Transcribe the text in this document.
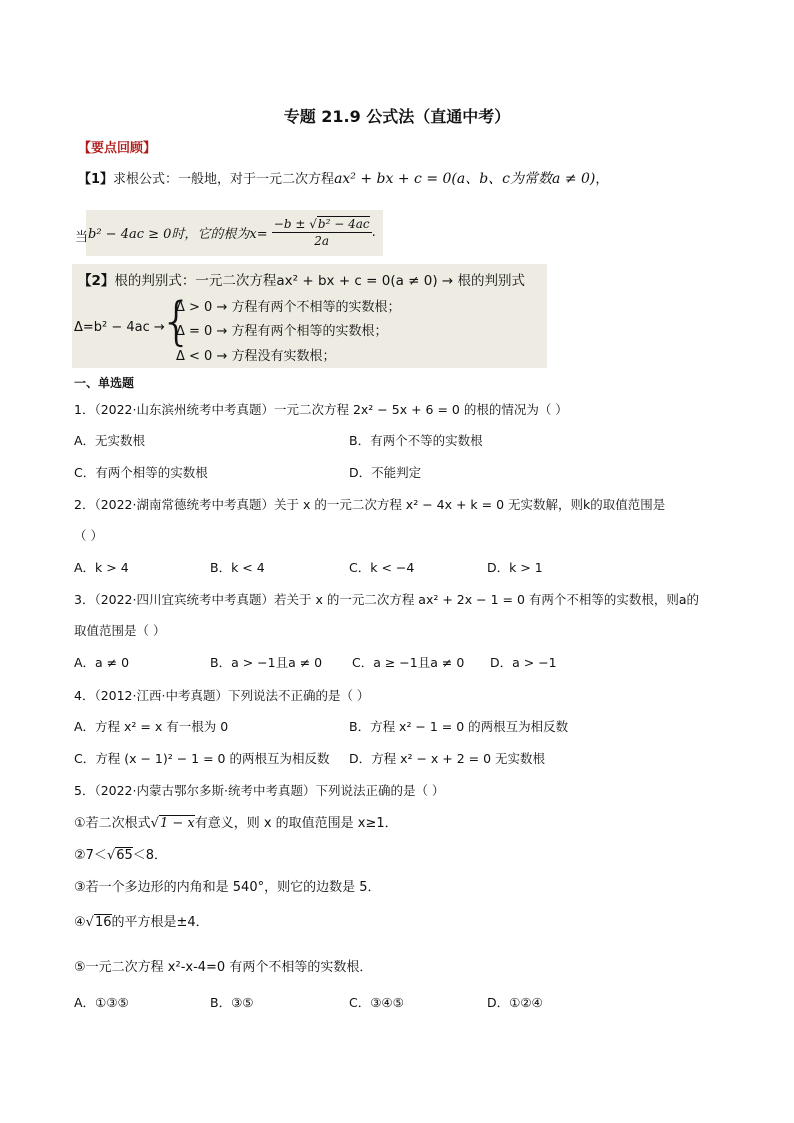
专题 21.9 公式法（直通中考）
【要点回顾】
【1】求根公式：一般地，对于一元二次方程ax² + bx + c = 0(a、b、c为常数a ≠ 0)，
当 b² − 4ac ≥ 0时，它的根为$x= \frac{\text{−b ± √b² − 4ac}}{2a}$ .
【2】根的判别式：一元二次方程ax² + bx + c = 0(a ≠ 0) → 根的判别式
Δ=b² − 4ac →
{
Δ > 0 → 方程有两个不相等的实数根；
Δ = 0 → 方程有两个相等的实数根；
Δ < 0 → 方程没有实数根；
一、单选题
1．（2022·山东滨州统考中考真题）一元二次方程 2x² − 5x + 6 = 0 的根的情况为（ ）
A．无实数根	B．有两个不等的实数根
C．有两个相等的实数根	D．不能判定
2．（2022·湖南常德统考中考真题）关于 x 的一元二次方程 x² − 4x + k = 0 无实数解，则k的取值范围是
（ ）
A．k > 4	B．k < 4	C．k < −4	D．k > 1
3．（2022·四川宜宾统考中考真题）若关于 x 的一元二次方程 ax² + 2x − 1 = 0 有两个不相等的实数根，则a的
取值范围是（ ）
A．a ≠ 0	B．a > −1且a ≠ 0 C．a ≥ −1且a ≠ 0 D．a > −1
4．（2012·江西·中考真题）下列说法不正确的是（ ）
A．方程 x² = x 有一根为 0	B．方程 x² − 1 = 0 的两根互为相反数
C．方程 (x − 1)² − 1 = 0 的两根互为相反数 D．方程 x² − x + 2 = 0 无实数根
5．（2022·内蒙古鄂尔多斯·统考中考真题）下列说法正确的是（ ）
①若二次根式√1 − x有意义，则 x 的取值范围是 x≥1．
②7＜√65＜8．
③若一个多边形的内角和是 540°，则它的边数是 5．
④√16的平方根是±4．
⑤一元二次方程 x²-x-4=0 有两个不相等的实数根．
A．①③⑤	B．③⑤	C．③④⑤	D．①②④
